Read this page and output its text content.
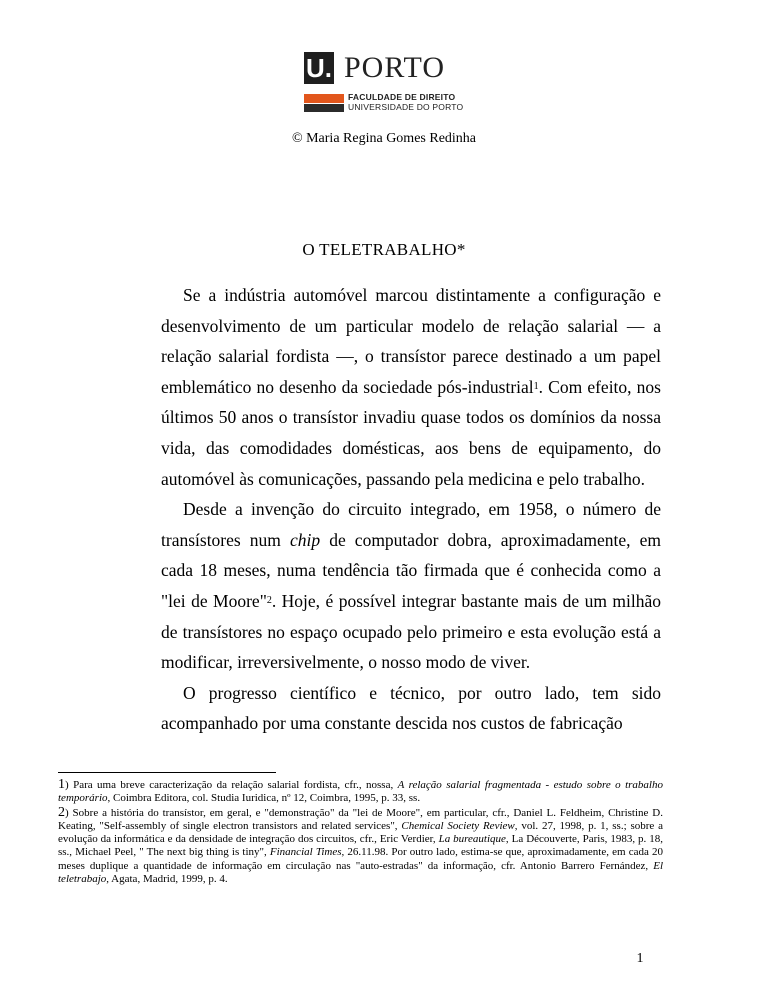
U. PORTO
FACULDADE DE DIREITO
UNIVERSIDADE DO PORTO
© Maria Regina Gomes Redinha
O TELETRABALHO*

Se a indústria automóvel marcou distintamente a configuração e desenvolvimento de um particular modelo de relação salarial — a relação salarial fordista —, o transístor parece destinado a um papel emblemático no desenho da sociedade pós-industrial$^1$. Com efeito, nos últimos 50 anos o transístor invadiu quase todos os domínios da nossa vida, das comodidades domésticas, aos bens de equipamento, do automóvel às comunicações, passando pela medicina e pelo trabalho.

Desde a invenção do circuito integrado, em 1958, o número de transístores num chip de computador dobra, aproximadamente, em cada 18 meses, numa tendência tão firmada que é conhecida como a "lei de Moore"$^2$. Hoje, é possível integrar bastante mais de um milhão de transístores no espaço ocupado pelo primeiro e esta evolução está a modificar, irreversivelmente, o nosso modo de viver.

O progresso científico e técnico, por outro lado, tem sido acompanhado por uma constante descida nos custos de fabricação

1) Para uma breve caracterização da relação salarial fordista, cfr., nossa, A relação salarial fragmentada - estudo sobre o trabalho temporário, Coimbra Editora, col. Studia Iuridica, nº 12, Coimbra, 1995, p. 33, ss.

2) Sobre a história do transístor, em geral, e "demonstração" da "lei de Moore", em particular, cfr., Daniel L. Feldheim, Christine D. Keating, "Self-assembly of single electron transistors and related services", Chemical Society Review, vol. 27, 1998, p. 1, ss.; sobre a evolução da informática e da densidade de integração dos circuitos, cfr., Eric Verdier, La bureautique, La Découverte, Paris, 1983, p. 18, ss., Michael Peel, " The next big thing is tiny", Financial Times, 26.11.98. Por outro lado, estima-se que, aproximadamente, em cada 20 meses duplique a quantidade de informação em circulação nas "auto-estradas" da informação, cfr. Antonio Barrero Fernández, El teletrabajo, Agata, Madrid, 1999, p. 4.

1
